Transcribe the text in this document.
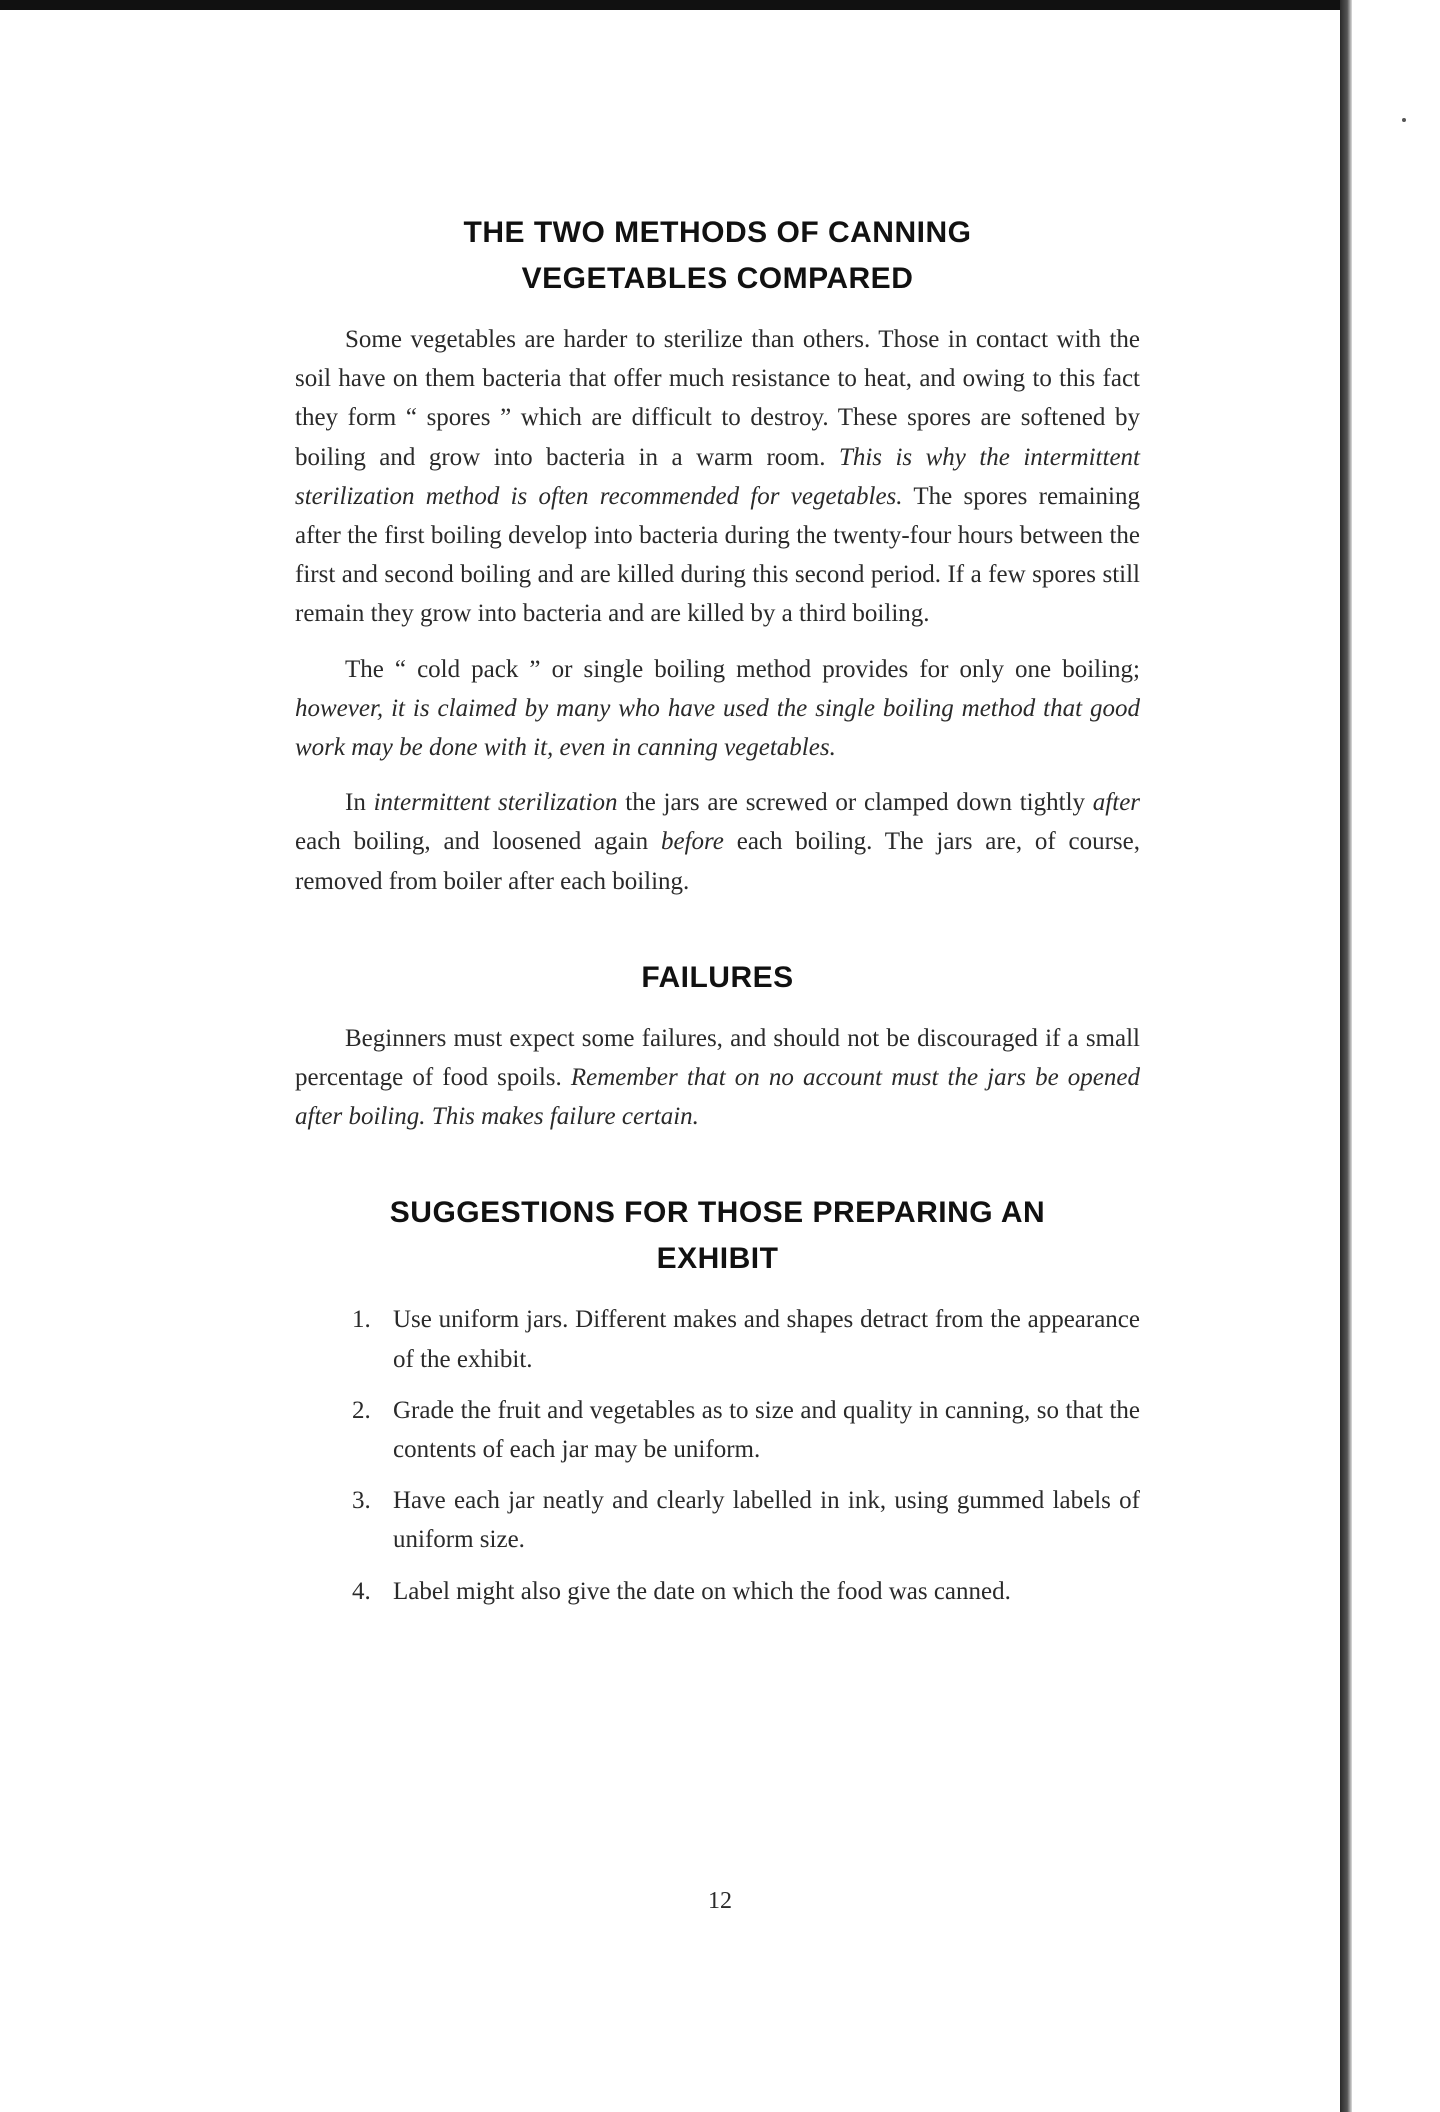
THE TWO METHODS OF CANNING
VEGETABLES COMPARED

Some vegetables are harder to sterilize than others. Those in contact with the soil have on them bacteria that offer much resistance to heat, and owing to this fact they form “ spores ” which are difficult to destroy. These spores are softened by boiling and grow into bacteria in a warm room. This is why the intermittent sterilization method is often recommended for vegetables. The spores remaining after the first boiling develop into bacteria during the twenty-four hours between the first and second boiling and are killed during this second period. If a few spores still remain they grow into bacteria and are killed by a third boiling.

The “ cold pack ” or single boiling method provides for only one boiling; however, it is claimed by many who have used the single boiling method that good work may be done with it, even in canning vegetables.

In intermittent sterilization the jars are screwed or clamped down tightly after each boiling, and loosened again before each boiling. The jars are, of course, removed from boiler after each boiling.

FAILURES

Beginners must expect some failures, and should not be discouraged if a small percentage of food spoils. Remember that on no account must the jars be opened after boiling. This makes failure certain.

SUGGESTIONS FOR THOSE PREPARING AN
EXHIBIT
1. Use uniform jars. Different makes and shapes detract from the appearance of the exhibit.
2. Grade the fruit and vegetables as to size and quality in canning, so that the contents of each jar may be uniform.
3. Have each jar neatly and clearly labelled in ink, using gummed labels of uniform size.
4. Label might also give the date on which the food was canned.
12
